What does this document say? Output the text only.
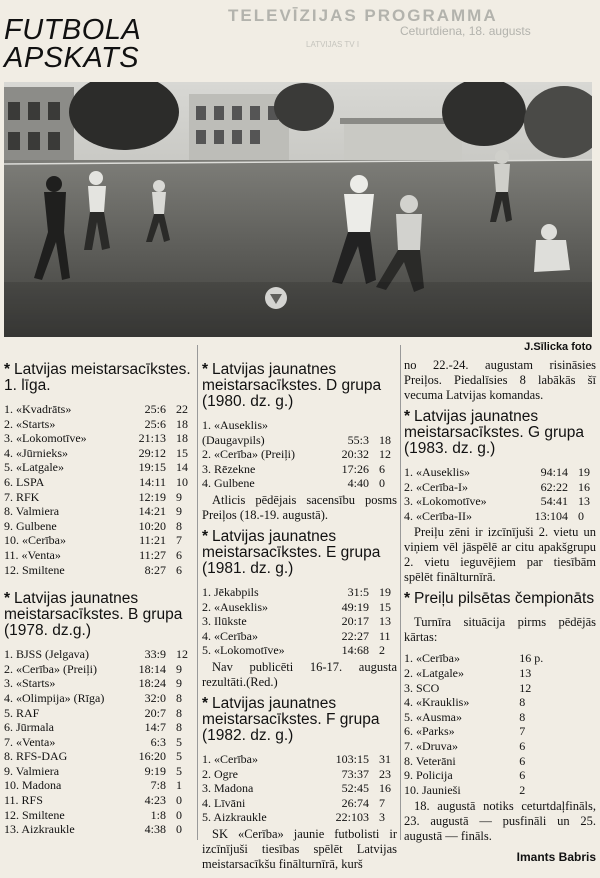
TELEVĪZIJAS PROGRAMMA
Ceturtdiena, 18. augusts
LATVIJAS TV I
FUTBOLA
APSKATS
J.Sīlicka foto
* Latvijas meistarsacīkstes. 1. līga.
1. «Kvadrāts»	25:6	22
2. «Starts»	25:6	18
3. «Lokomotīve»	21:13	18
4. «Jūrnieks»	29:12	15
5. «Latgale»	19:15	14
6. LSPA	14:11	10
7. RFK	12:19	9
8. Valmiera	14:21	9
9. Gulbene	10:20	8
10. «Cerība»	11:21	7
11. «Venta»	11:27	6
12. Smiltene	8:27	6
* Latvijas jaunatnes meistarsacīkstes. B grupa (1978. dz.g.)
1. BJSS (Jelgava)	33:9	12
2. «Cerība» (Preiļi)	18:14	9
3. «Starts»	18:24	9
4. «Olimpija» (Rīga)	32:0	8
5. RAF	20:7	8
6. Jūrmala	14:7	8
7. «Venta»	6:3	5
8. RFS-DAG	16:20	5
9. Valmiera	9:19	5
10. Madona	7:8	1
11. RFS	4:23	0
12. Smiltene	1:8	0
13. Aizkraukle	4:38	0
* Latvijas jaunatnes meistarsacīkstes. D grupa (1980. dz. g.)
1. «Auseklis»		
(Daugavpils)	55:3	18
2. «Cerība» (Preiļi)	20:32	12
3. Rēzekne	17:26	6
4. Gulbene	4:40	0

Atlicis pēdējais sacensību posms Preiļos (18.-19. augustā).

* Latvijas jaunatnes meistarsacīkstes. E grupa (1981. dz. g.)
1. Jēkabpils	31:5	19
2. «Auseklis»	49:19	15
3. Ilūkste	20:17	13
4. «Cerība»	22:27	11
5. «Lokomotīve»	14:68	2

Nav publicēti 16-17. augusta rezultāti.(Red.)

* Latvijas jaunatnes meistarsacīkstes. F grupa (1982. dz. g.)
1. «Cerība»	103:15	31
2. Ogre	73:37	23
3. Madona	52:45	16
4. Līvāni	26:74	7
5. Aizkraukle	22:103	3

SK «Cerība» jaunie futbolisti ir izcīnījuši tiesības spēlēt Latvijas meistarsacīkšu finālturnīrā, kurš

no 22.-24. augustam risināsies Preiļos. Piedalīsies 8 labākās šī vecuma Latvijas komandas.

* Latvijas jaunatnes meistarsacīkstes. G grupa (1983. dz. g.)
1. «Auseklis»	94:14	19
2. «Cerība-I»	62:22	16
3. «Lokomotīve»	54:41	13
4. «Cerība-II»	13:104	0

Preiļu zēni ir izcīnījuši 2. vietu un viņiem vēl jāspēlē ar citu apakšgrupu 2. vietu ieguvējiem par tiesībām spēlēt finālturnīrā.

* Preiļu pilsētas čempionāts

Turnīra situācija pirms pēdējās kārtas:

1. «Cerība»	16 p.
2. «Latgale»	13
3. SCO	12
4. «Krauklis»	8
5. «Ausma»	8
6. «Parks»	7
7. «Druva»	6
8. Veterāni	6
9. Policija	6
10. Jaunieši	2

18. augustā notiks ceturtdaļfināls, 23. augustā — pusfināli un 25. augustā — fināls.

Imants Babris
